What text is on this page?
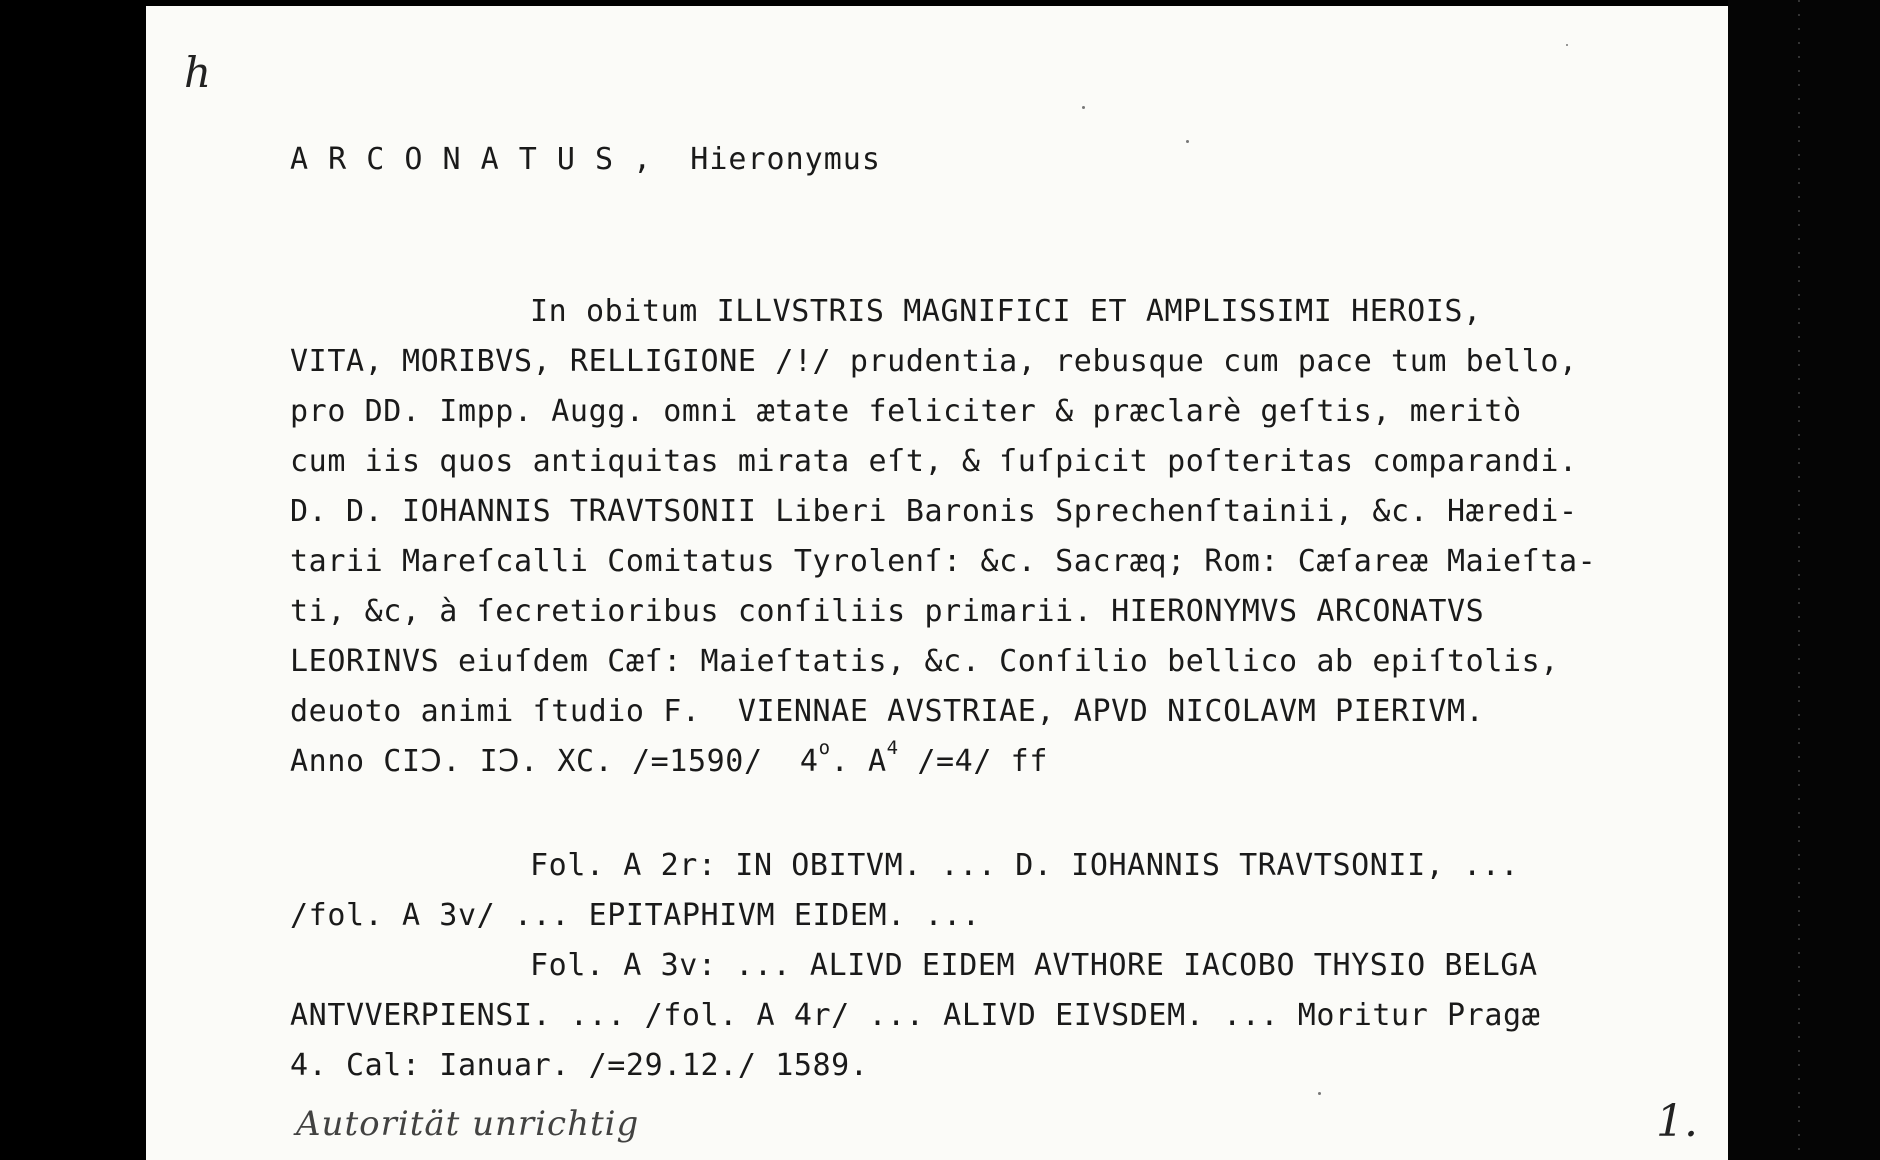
h
A R C O N A T U S ,  Hieronymus
In obitum ILLVSTRIS MAGNIFICI ET AMPLISSIMI HEROIS,
VITA, MORIBVS, RELLIGIONE /!/ prudentia, rebusque cum pace tum bello,
pro DD. Impp. Augg. omni ætate feliciter & præclarè geſtis, meritò
cum iis quos antiquitas mirata eſt, & ſuſpicit poſteritas comparandi.
D. D. IOHANNIS TRAVTSONII Liberi Baronis Sprechenſtainii, &c. Hæredi-
tarii Mareſcalli Comitatus Tyrolenſ: &c. Sacræq; Rom: Cæſareæ Maieſta-
ti, &c, à ſecretioribus conſiliis primarii. HIERONYMVS ARCONATVS
LEORINVS eiuſdem Cæſ: Maieſtatis, &c. Conſilio bellico ab epiſtolis,
deuoto animi ſtudio F.  VIENNAE AVSTRIAE, APVD NICOLAVM PIERIVM.
Anno CIↃ. IↃ. XC. /=1590/  4$^o$. $A^4$ /=4/ ff
Fol. A 2r: IN OBITVM. ... D. IOHANNIS TRAVTSONII, ...
/fol. A 3v/ ... EPITAPHIVM EIDEM. ...
Fol. A 3v: ... ALIVD EIDEM AVTHORE IACOBO THYSIO BELGA
ANTVVERPIENSI. ... /fol. A 4r/ ... ALIVD EIVSDEM. ... Moritur Pragæ
4. Cal: Ianuar. /=29.12./ 1589.
Autorität unrichtig	1.
